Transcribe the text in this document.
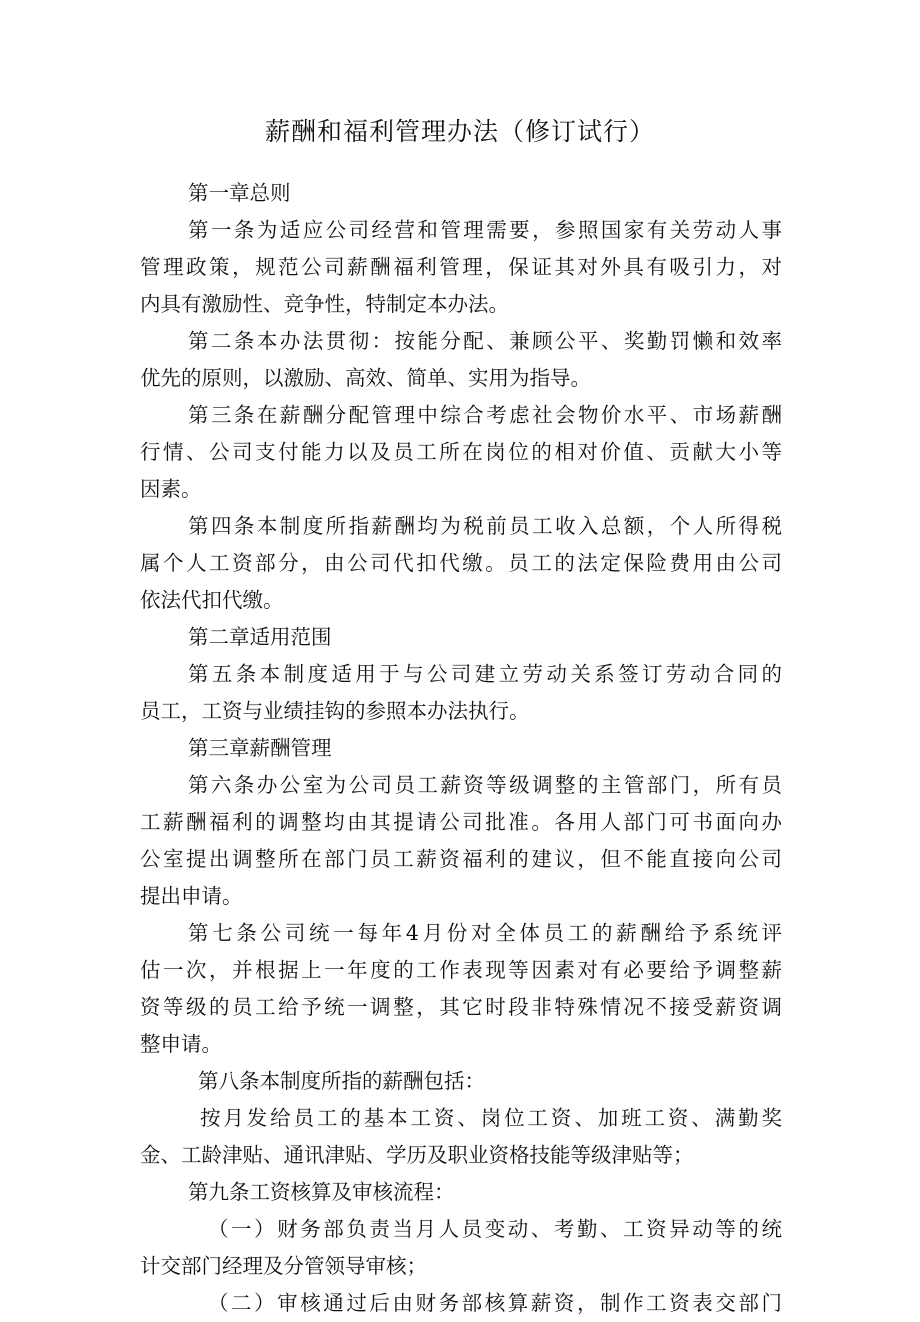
薪酬和福利管理办法（修订试行）
第一章总则
第一条为适应公司经营和管理需要，参照国家有关劳动人事
管理政策，规范公司薪酬福利管理，保证其对外具有吸引力，对
内具有激励性、竞争性，特制定本办法。
第二条本办法贯彻：按能分配、兼顾公平、奖勤罚懒和效率
优先的原则，以激励、高效、简单、实用为指导。
第三条在薪酬分配管理中综合考虑社会物价水平、市场薪酬
行情、公司支付能力以及员工所在岗位的相对价值、贡献大小等
因素。
第四条本制度所指薪酬均为税前员工收入总额，个人所得税
属个人工资部分，由公司代扣代缴。员工的法定保险费用由公司
依法代扣代缴。
第二章适用范围
第五条本制度适用于与公司建立劳动关系签订劳动合同的
员工，工资与业绩挂钩的参照本办法执行。
第三章薪酬管理
第六条办公室为公司员工薪资等级调整的主管部门，所有员
工薪酬福利的调整均由其提请公司批准。各用人部门可书面向办
公室提出调整所在部门员工薪资福利的建议，但不能直接向公司
提出申请。
第七条公司统一每年4月份对全体员工的薪酬给予系统评
估一次，并根据上一年度的工作表现等因素对有必要给予调整薪
资等级的员工给予统一调整，其它时段非特殊情况不接受薪资调
整申请。
第八条本制度所指的薪酬包括：
按月发给员工的基本工资、岗位工资、加班工资、满勤奖
金、工龄津贴、通讯津贴、学历及职业资格技能等级津贴等；
第九条工资核算及审核流程：
（一）财务部负责当月人员变动、考勤、工资异动等的统
计交部门经理及分管领导审核；
（二）审核通过后由财务部核算薪资，制作工资表交部门
